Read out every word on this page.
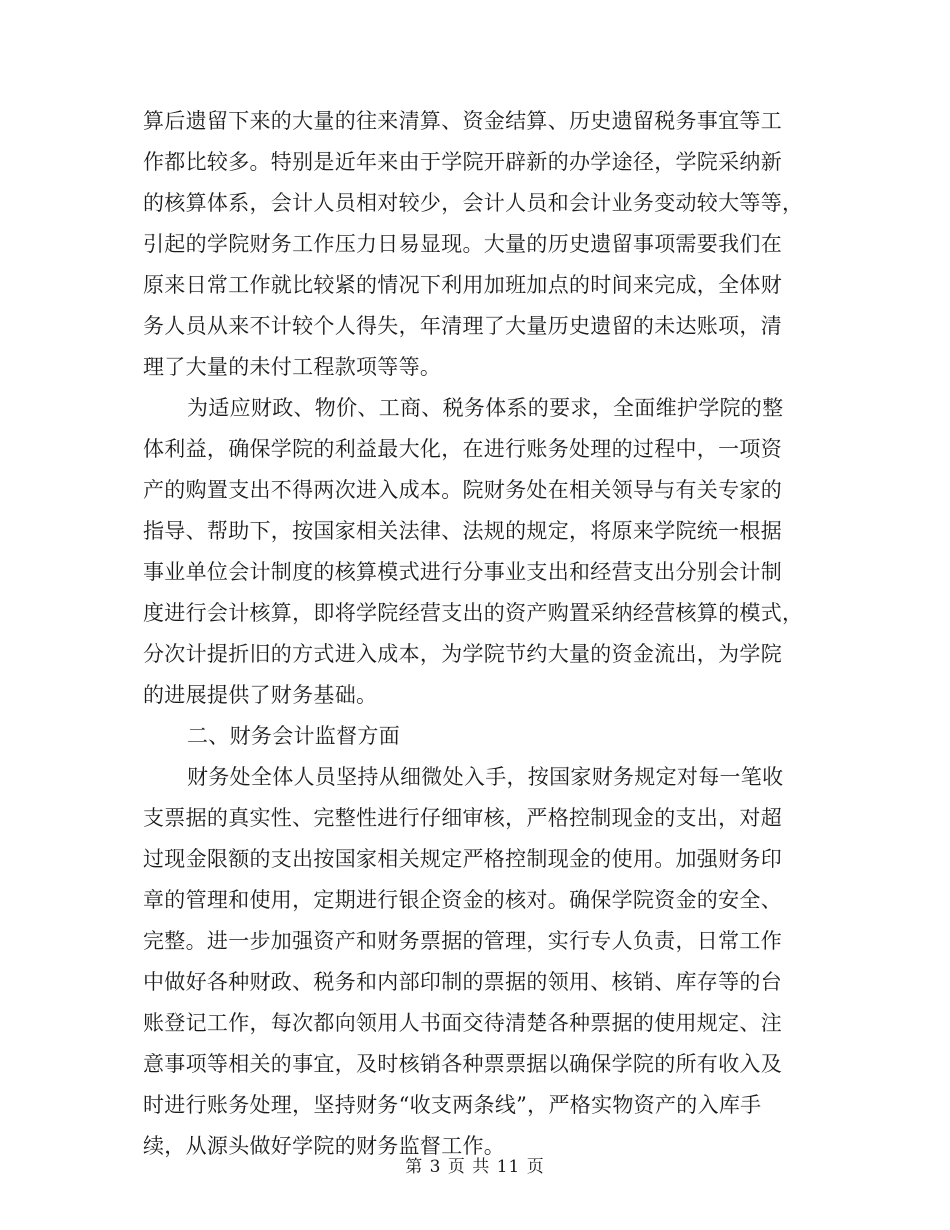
算后遗留下来的大量的往来清算、资金结算、历史遗留税务事宜等工
作都比较多。特别是近年来由于学院开辟新的办学途径，学院采纳新
的核算体系，会计人员相对较少，会计人员和会计业务变动较大等等，
引起的学院财务工作压力日易显现。大量的历史遗留事项需要我们在
原来日常工作就比较紧的情况下利用加班加点的时间来完成，全体财
务人员从来不计较个人得失，年清理了大量历史遗留的未达账项，清
理了大量的未付工程款项等等。
为适应财政、物价、工商、税务体系的要求，全面维护学院的整
体利益，确保学院的利益最大化，在进行账务处理的过程中，一项资
产的购置支出不得两次进入成本。院财务处在相关领导与有关专家的
指导、帮助下，按国家相关法律、法规的规定，将原来学院统一根据
事业单位会计制度的核算模式进行分事业支出和经营支出分别会计制
度进行会计核算，即将学院经营支出的资产购置采纳经营核算的模式，
分次计提折旧的方式进入成本，为学院节约大量的资金流出，为学院
的进展提供了财务基础。
二、财务会计监督方面
财务处全体人员坚持从细微处入手，按国家财务规定对每一笔收
支票据的真实性、完整性进行仔细审核，严格控制现金的支出，对超
过现金限额的支出按国家相关规定严格控制现金的使用。加强财务印
章的管理和使用，定期进行银企资金的核对。确保学院资金的安全、
完整。进一步加强资产和财务票据的管理，实行专人负责，日常工作
中做好各种财政、税务和内部印制的票据的领用、核销、库存等的台
账登记工作，每次都向领用人书面交待清楚各种票据的使用规定、注
意事项等相关的事宜，及时核销各种票票据以确保学院的所有收入及
时进行账务处理，坚持财务“收支两条线”，严格实物资产的入库手
续，从源头做好学院的财务监督工作。
第 3 页 共 11 页
